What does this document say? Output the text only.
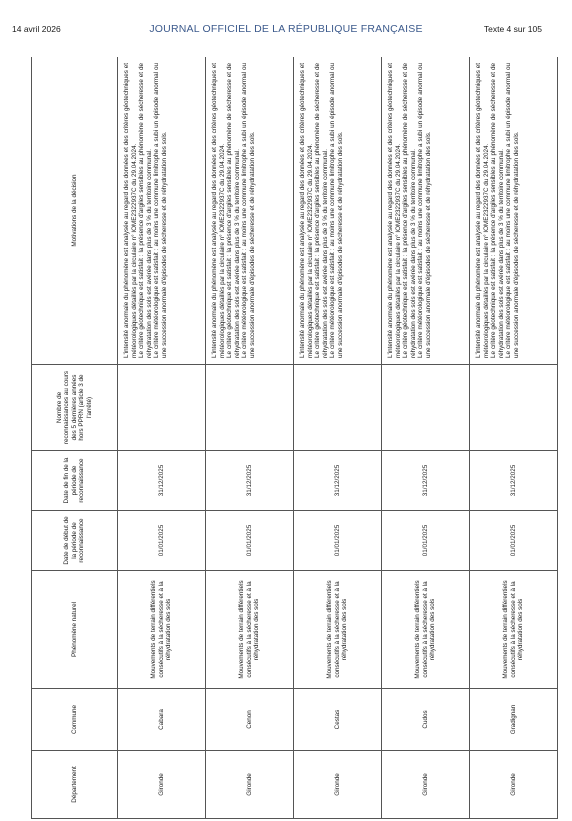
14 avril 2026	JOURNAL OFFICIEL DE LA RÉPUBLIQUE FRANÇAISE	Texte 4 sur 105
Département	Commune	Phénomène naturel	Date de début de la période de reconnaissance	Date de fin de la période de reconnaissance	Nombre de reconnaissances au cours des 5 dernières années hors PPRN (article 3 de l'arrêté)	Motivations de la décision
Gironde	Cabara	Mouvements de terrain différentiels consécutifs à la sécheresse et à la réhydratation des sols	01/01/2025	31/12/2025		L'intensité anormale du phénomène est analysée au regard des données et des critères géotechniques et météorologiques détaillés par la circulaire n° IOME2322937C du 29.04.2024. Le critère géotechnique est satisfait : la présence d'argiles sensibles au phénomène de sécheresse et de réhydratation des sols est avérée dans plus de 3 % du territoire communal. Le critère météorologique est satisfait : au moins une commune limitrophe a subi un épisode anormal ou une succession anormale d'épisodes de sécheresse et de réhydratation des sols.

Gironde	Cenon	Mouvements de terrain différentiels consécutifs à la sécheresse et à la réhydratation des sols	01/01/2025	31/12/2025		L'intensité anormale du phénomène est analysée au regard des données et des critères géotechniques et météorologiques détaillés par la circulaire n° IOME2322937C du 29.04.2024. Le critère géotechnique est satisfait : la présence d'argiles sensibles au phénomène de sécheresse et de réhydratation des sols est avérée dans plus de 3 % du territoire communal. Le critère météorologique est satisfait : au moins une commune limitrophe a subi un épisode anormal ou une succession anormale d'épisodes de sécheresse et de réhydratation des sols.

Gironde	Cestas	Mouvements de terrain différentiels consécutifs à la sécheresse et à la réhydratation des sols	01/01/2025	31/12/2025		L'intensité anormale du phénomène est analysée au regard des données et des critères géotechniques et météorologiques détaillés par la circulaire n° IOME2322937C du 29.04.2024. Le critère géotechnique est satisfait : la présence d'argiles sensibles au phénomène de sécheresse et de réhydratation des sols est avérée dans plus de 3 % du territoire communal. Le critère météorologique est satisfait : au moins une commune limitrophe a subi un épisode anormal ou une succession anormale d'épisodes de sécheresse et de réhydratation des sols.

Gironde	Cudos	Mouvements de terrain différentiels consécutifs à la sécheresse et à la réhydratation des sols	01/01/2025	31/12/2025		L'intensité anormale du phénomène est analysée au regard des données et des critères géotechniques et météorologiques détaillés par la circulaire n° IOME2322937C du 29.04.2024. Le critère géotechnique est satisfait : la présence d'argiles sensibles au phénomène de sécheresse et de réhydratation des sols est avérée dans plus de 3 % du territoire communal. Le critère météorologique est satisfait : au moins une commune limitrophe a subi un épisode anormal ou une succession anormale d'épisodes de sécheresse et de réhydratation des sols.

Gironde	Gradignan	Mouvements de terrain différentiels consécutifs à la sécheresse et à la réhydratation des sols	01/01/2025	31/12/2025		L'intensité anormale du phénomène est analysée au regard des données et des critères géotechniques et météorologiques détaillés par la circulaire n° IOME2322937C du 29.04.2024. Le critère géotechnique est satisfait : la présence d'argiles sensibles au phénomène de sécheresse et de réhydratation des sols est avérée dans plus de 3 % du territoire communal. Le critère météorologique est satisfait : au moins une commune limitrophe a subi un épisode anormal ou une succession anormale d'épisodes de sécheresse et de réhydratation des sols.
